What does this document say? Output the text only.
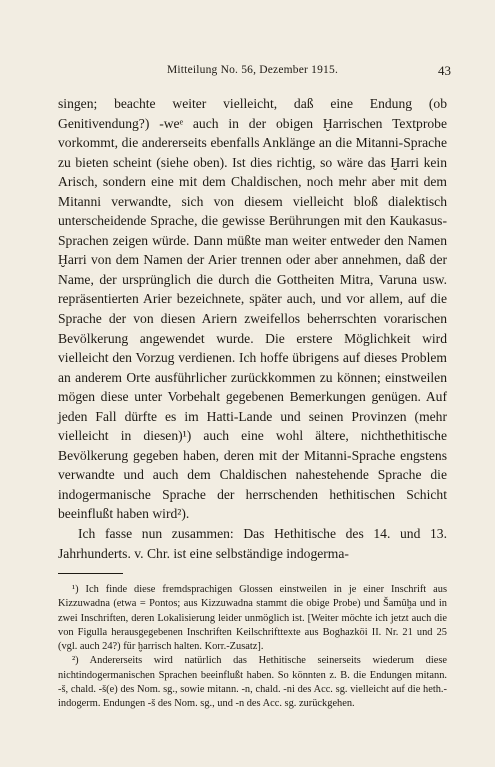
Mitteilung No. 56, Dezember 1915.	43

singen; beachte weiter vielleicht, daß eine Endung (ob Genitivendung?) -weᵉ auch in der obigen Ḫarrischen Textprobe vorkommt, die andererseits ebenfalls Anklänge an die Mitanni-Sprache zu bieten scheint (siehe oben). Ist dies richtig, so wäre das Ḫarri kein Arisch, sondern eine mit dem Chaldischen, noch mehr aber mit dem Mitanni verwandte, sich von diesem vielleicht bloß dialektisch unterscheidende Sprache, die gewisse Berührungen mit den Kaukasus-Sprachen zeigen würde. Dann müßte man weiter entweder den Namen Ḫarri von dem Namen der Arier trennen oder aber annehmen, daß der Name, der ursprünglich die durch die Gottheiten Mitra, Varuna usw. repräsentierten Arier bezeichnete, später auch, und vor allem, auf die Sprache der von diesen Ariern zweifellos beherrschten vorarischen Bevölkerung angewendet wurde. Die erstere Möglichkeit wird vielleicht den Vorzug verdienen. Ich hoffe übrigens auf dieses Problem an anderem Orte ausführlicher zurückkommen zu können; einstweilen mögen diese unter Vorbehalt gegebenen Bemerkungen genügen. Auf jeden Fall dürfte es im Hatti-Lande und seinen Provinzen (mehr vielleicht in diesen)¹) auch eine wohl ältere, nichthethitische Bevölkerung gegeben haben, deren mit der Mitanni-Sprache engstens verwandte und auch dem Chaldischen nahestehende Sprache die indogermanische Sprache der herrschenden hethitischen Schicht beeinflußt haben wird²).

Ich fasse nun zusammen: Das Hethitische des 14. und 13. Jahrhunderts. v. Chr. ist eine selbständige indogerma-

¹) Ich finde diese fremdsprachigen Glossen einstweilen in je einer Inschrift aus Kizzuwadna (etwa = Pontos; aus Kizzuwadna stammt die obige Probe) und Šamûḫa und in zwei Inschriften, deren Lokalisierung leider unmöglich ist. [Weiter möchte ich jetzt auch die von Figulla herausgegebenen Inschriften Keilschrifttexte aus Boghazköi II. Nr. 21 und 25 (vgl. auch 24?) für ḫarrisch halten. Korr.-Zusatz].

²) Andererseits wird natürlich das Hethitische seinerseits wiederum diese nichtindogermanischen Sprachen beeinflußt haben. So könnten z. B. die Endungen mitann. -š, chald. -š(e) des Nom. sg., sowie mitann. -n, chald. -ni des Acc. sg. vielleicht auf die heth.-indogerm. Endungen -š des Nom. sg., und -n des Acc. sg. zurückgehen.
